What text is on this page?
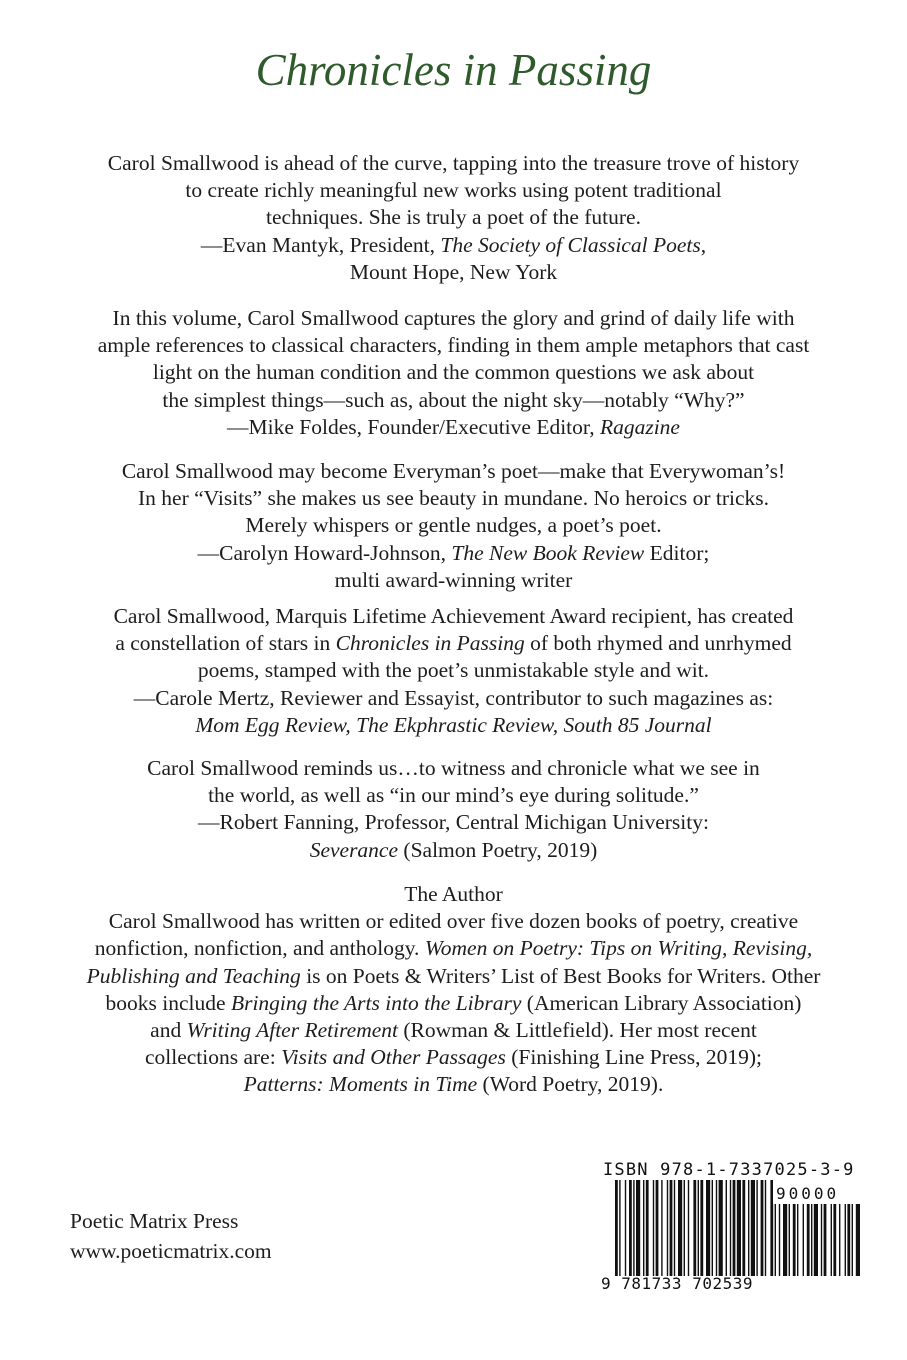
Chronicles in Passing
Carol Smallwood is ahead of the curve, tapping into the treasure trove of history
to create richly meaningful new works using potent traditional
techniques. She is truly a poet of the future.
—Evan Mantyk, President, The Society of Classical Poets,
Mount Hope, New York
In this volume, Carol Smallwood captures the glory and grind of daily life with
ample references to classical characters, finding in them ample metaphors that cast
light on the human condition and the common questions we ask about
the simplest things—such as, about the night sky—notably “Why?”
—Mike Foldes, Founder/Executive Editor, Ragazine
Carol Smallwood may become Everyman’s poet—make that Everywoman’s!
In her “Visits” she makes us see beauty in mundane. No heroics or tricks.
Merely whispers or gentle nudges, a poet’s poet.
—Carolyn Howard-Johnson, The New Book Review Editor;
multi award-winning writer
Carol Smallwood, Marquis Lifetime Achievement Award recipient, has created
a constellation of stars in Chronicles in Passing of both rhymed and unrhymed
poems, stamped with the poet’s unmistakable style and wit.
—Carole Mertz, Reviewer and Essayist, contributor to such magazines as:
Mom Egg Review, The Ekphrastic Review, South 85 Journal
Carol Smallwood reminds us…to witness and chronicle what we see in
the world, as well as “in our mind’s eye during solitude.”
—Robert Fanning, Professor, Central Michigan University:
Severance (Salmon Poetry, 2019)
The Author
Carol Smallwood has written or edited over five dozen books of poetry, creative
nonfiction, nonfiction, and anthology. Women on Poetry: Tips on Writing, Revising,
Publishing and Teaching is on Poets & Writers’ List of Best Books for Writers. Other
books include Bringing the Arts into the Library (American Library Association)
and Writing After Retirement (Rowman & Littlefield). Her most recent
collections are: Visits and Other Passages (Finishing Line Press, 2019);
Patterns: Moments in Time (Word Poetry, 2019).
Poetic Matrix Press
www.poeticmatrix.com
ISBN 978-1-7337025-3-9
90000
9 781733 702539
